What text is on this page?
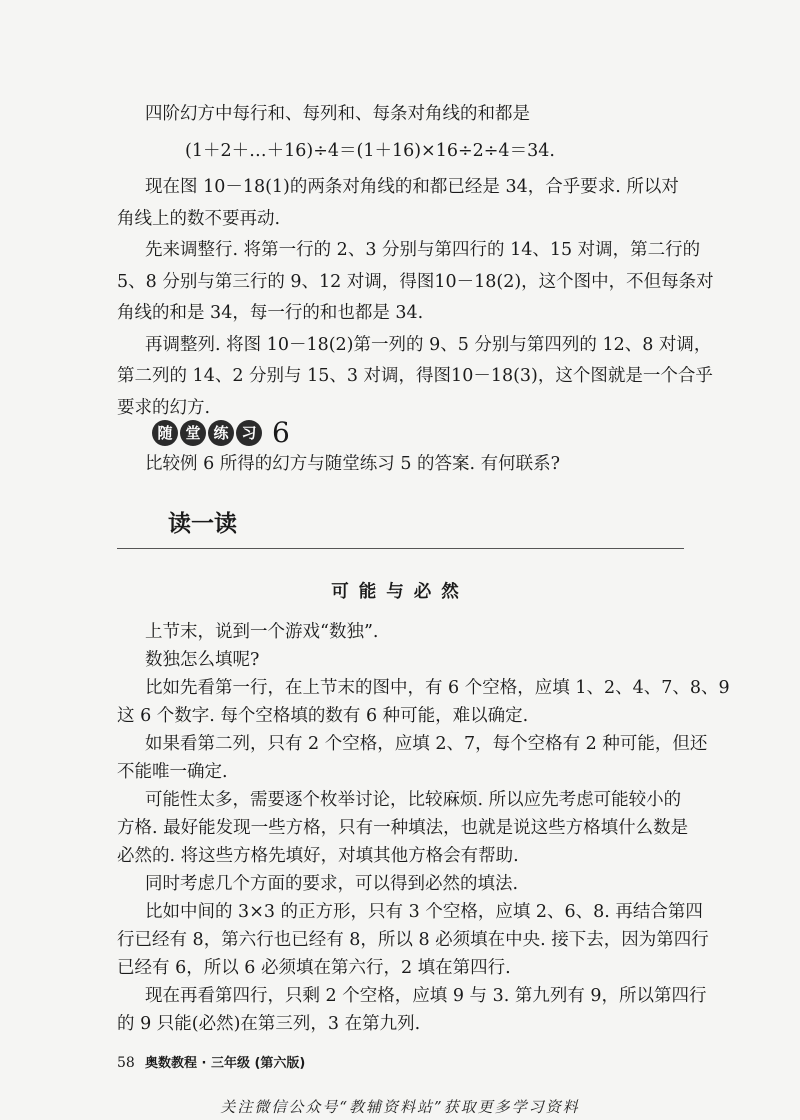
四阶幻方中每行和、每列和、每条对角线的和都是
(1＋2＋…＋16)÷4＝(1＋16)×16÷2÷4＝34.
现在图 10－18(1)的两条对角线的和都已经是 34，合乎要求. 所以对
角线上的数不要再动.
先来调整行. 将第一行的 2、3 分别与第四行的 14、15 对调，第二行的
5、8 分别与第三行的 9、12 对调，得图10－18(2)，这个图中，不但每条对
角线的和是 34，每一行的和也都是 34.
再调整列. 将图 10－18(2)第一列的 9、5 分别与第四列的 12、8 对调，
第二列的 14、2 分别与 15、3 对调，得图10－18(3)，这个图就是一个合乎
要求的幻方.
随 堂 练 习 6
比较例 6 所得的幻方与随堂练习 5 的答案. 有何联系?
读一读
可能与必然
上节末，说到一个游戏“数独”.
数独怎么填呢?
比如先看第一行，在上节末的图中，有 6 个空格，应填 1、2、4、7、8、9
这 6 个数字. 每个空格填的数有 6 种可能，难以确定.
如果看第二列，只有 2 个空格，应填 2、7，每个空格有 2 种可能，但还
不能唯一确定.
可能性太多，需要逐个枚举讨论，比较麻烦. 所以应先考虑可能较小的
方格. 最好能发现一些方格，只有一种填法，也就是说这些方格填什么数是
必然的. 将这些方格先填好，对填其他方格会有帮助.
同时考虑几个方面的要求，可以得到必然的填法.
比如中间的 3×3 的正方形，只有 3 个空格，应填 2、6、8. 再结合第四
行已经有 8，第六行也已经有 8，所以 8 必须填在中央. 接下去，因为第四行
已经有 6，所以 6 必须填在第六行，2 填在第四行.
现在再看第四行，只剩 2 个空格，应填 9 与 3. 第九列有 9，所以第四行
的 9 只能(必然)在第三列，3 在第九列.
58 奥数教程 · 三年级 (第六版)
关注微信公众号“教辅资料站”获取更多学习资料
